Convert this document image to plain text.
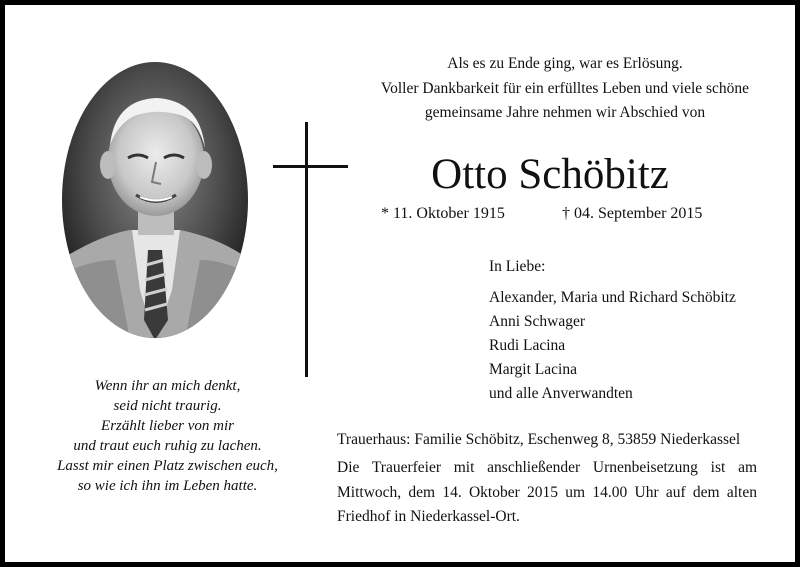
Wenn ihr an mich denkt,
seid nicht traurig.
Erzählt lieber von mir
und traut euch ruhig zu lachen.
Lasst mir einen Platz zwischen euch,
so wie ich ihn im Leben hatte.
Als es zu Ende ging, war es Erlösung.
Voller Dankbarkeit für ein erfülltes Leben und viele schöne
gemeinsame Jahre nehmen wir Abschied von
Otto Schöbitz
* 11. Oktober 1915	† 04. September 2015
In Liebe:
Alexander, Maria und Richard Schöbitz
Anni Schwager
Rudi Lacina
Margit Lacina
und alle Anverwandten
Trauerhaus: Familie Schöbitz, Eschenweg 8, 53859 Niederkassel
Die Trauerfeier mit anschließender Urnenbeisetzung ist am
Mittwoch, dem 14. Oktober 2015 um 14.00 Uhr auf dem alten
Friedhof in Niederkassel-Ort.
